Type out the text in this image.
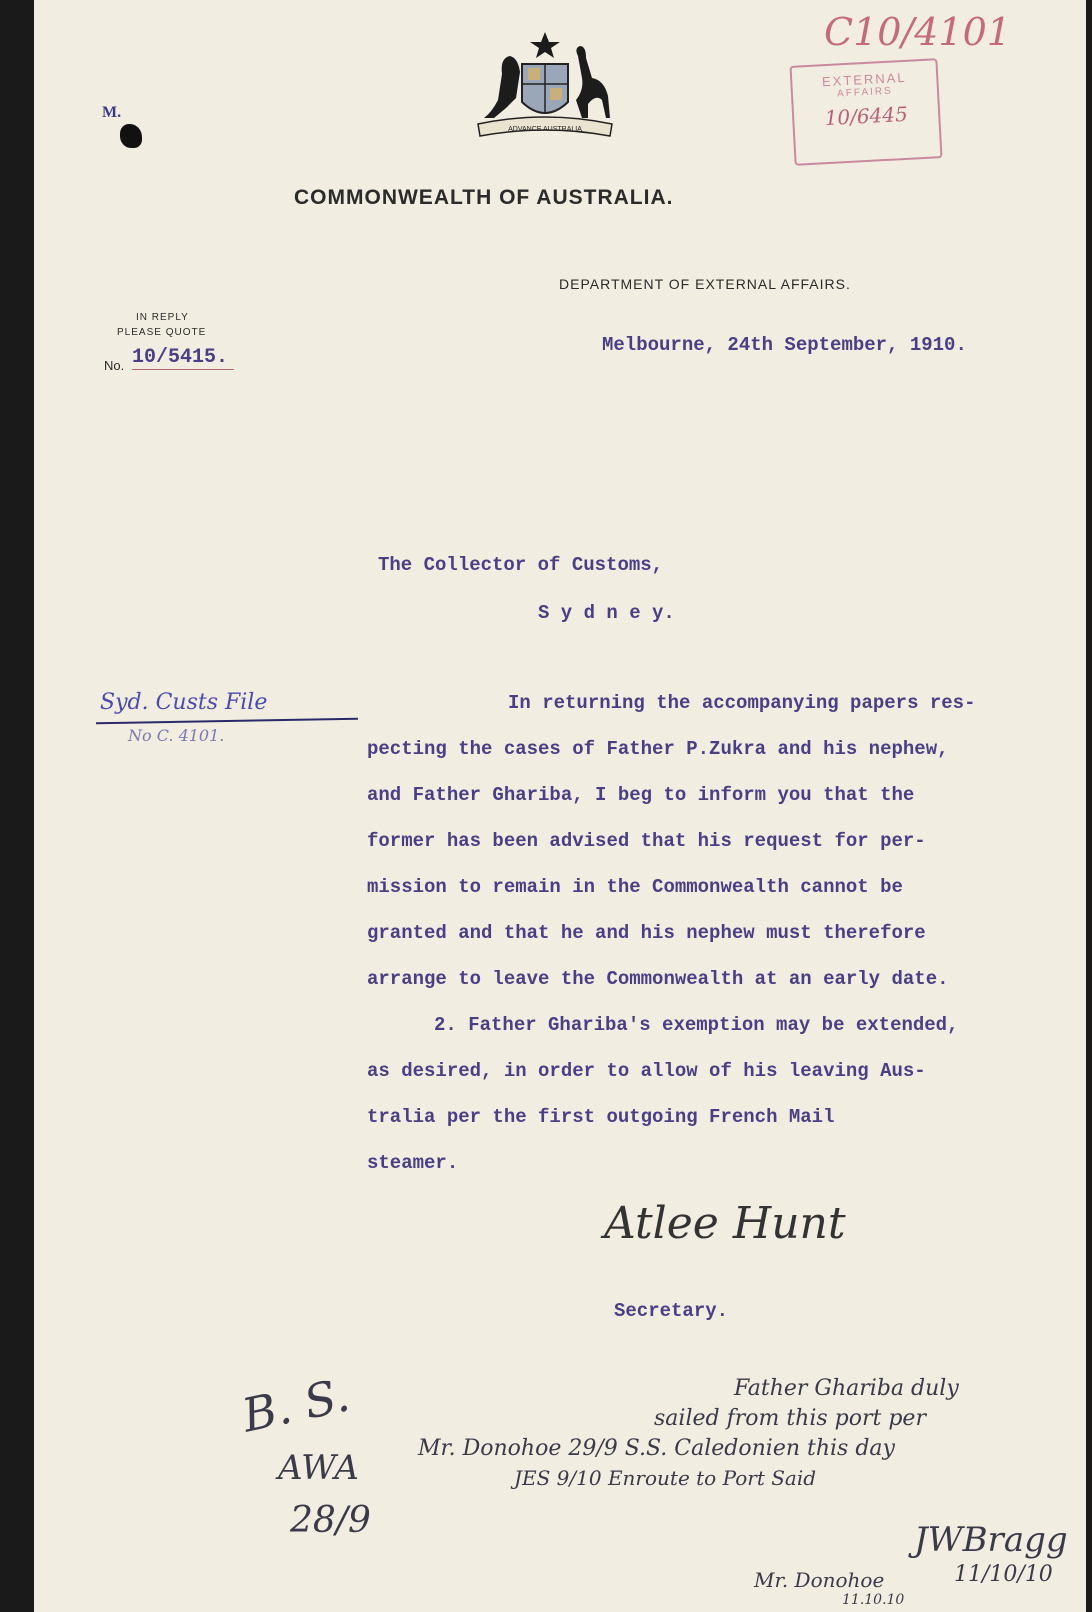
C10/4101
EXTERNAL
AFFAIRS
10/6445
M.
ADVANCE AUSTRALIA
COMMONWEALTH OF AUSTRALIA.
DEPARTMENT OF EXTERNAL AFFAIRS.
IN REPLY
PLEASE QUOTE
No. 10/5415.
Melbourne, 24th September, 1910.
The Collector of Customs,
S y d n e y.
Syd. Custs File
No C. 4101.
In returning the accompanying papers res-
pecting the cases of Father P.Zukra and his nephew,
and Father Ghariba, I beg to inform you that the
former has been advised that his request for per-
mission to remain in the Commonwealth cannot be
granted and that he and his nephew must therefore
arrange to leave the Commonwealth at an early date.
2. Father Ghariba's exemption may be extended,
as desired, in order to allow of his leaving Aus-
tralia per the first outgoing French Mail
steamer.
Atlee Hunt
Secretary.
B. S.
AWA
28/9
Father Ghariba duly
sailed from this port per
Mr. Donohoe 29/9 S.S. Caledonien this day
JES 9/10 Enroute to Port Said
JWBragg
11/10/10
Mr. Donohoe
11.10.10
